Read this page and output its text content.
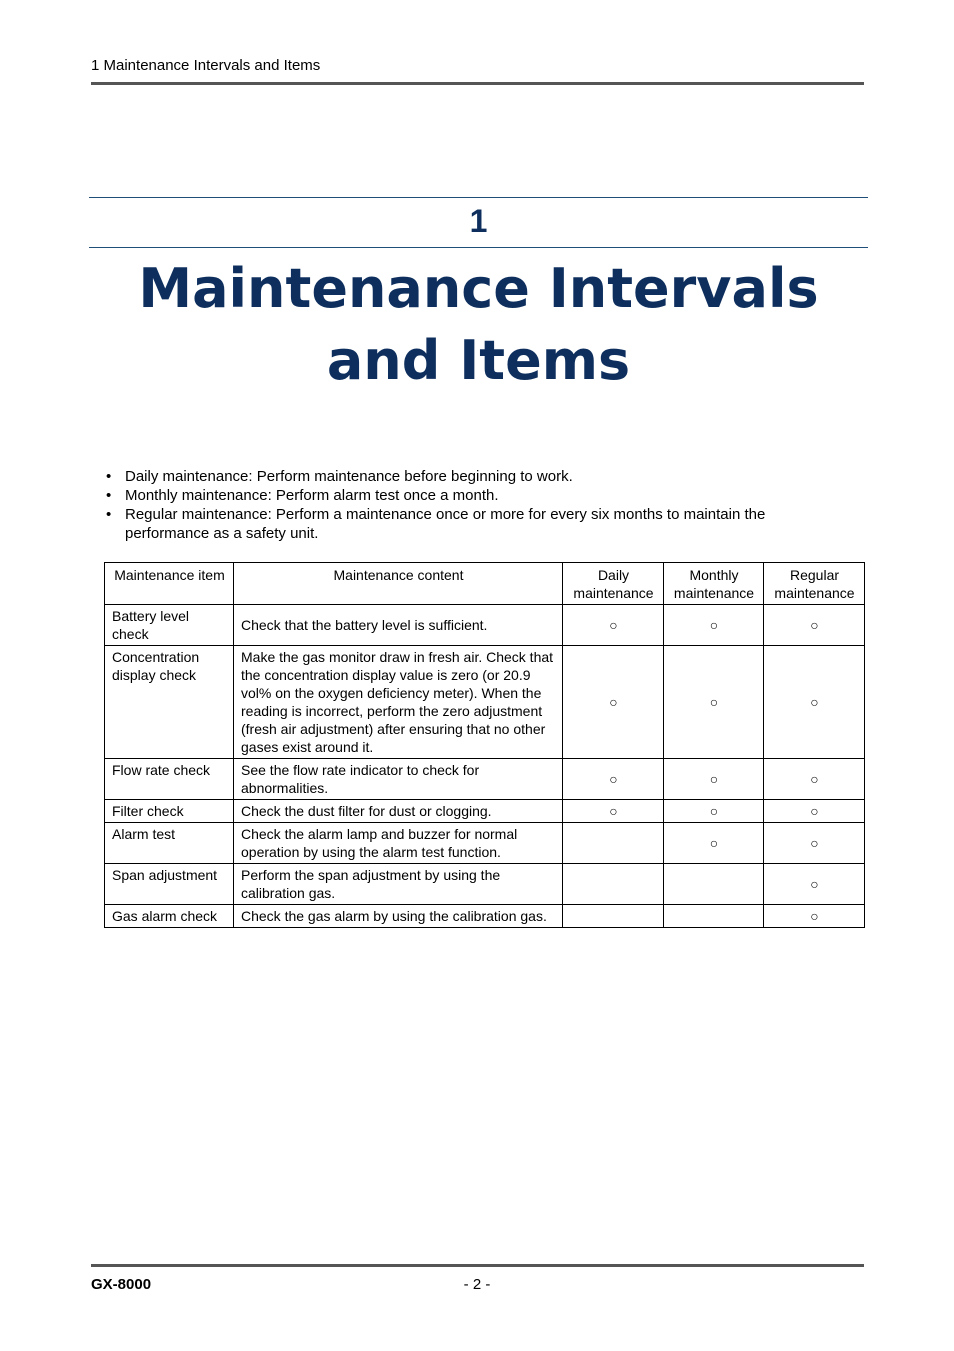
1 Maintenance Intervals and Items
1
Maintenance Intervals and Items
• Daily maintenance: Perform maintenance before beginning to work.
• Monthly maintenance: Perform alarm test once a month.
• Regular maintenance: Perform a maintenance once or more for every six months to maintain the performance as a safety unit.
Maintenance item	Maintenance content	Daily maintenance	Monthly maintenance	Regular maintenance
Battery level check	Check that the battery level is sufficient.	○	○	○
Concentration display check	Make the gas monitor draw in fresh air. Check that the concentration display value is zero (or 20.9 vol% on the oxygen deficiency meter). When the reading is incorrect, perform the zero adjustment (fresh air adjustment) after ensuring that no other gases exist around it.	○	○	○
Flow rate check	See the flow rate indicator to check for abnormalities.	○	○	○
Filter check	Check the dust filter for dust or clogging.	○	○	○
Alarm test	Check the alarm lamp and buzzer for normal operation by using the alarm test function.		○	○
Span adjustment	Perform the span adjustment by using the calibration gas.			○
Gas alarm check	Check the gas alarm by using the calibration gas.			○
GX-8000	- 2 -
